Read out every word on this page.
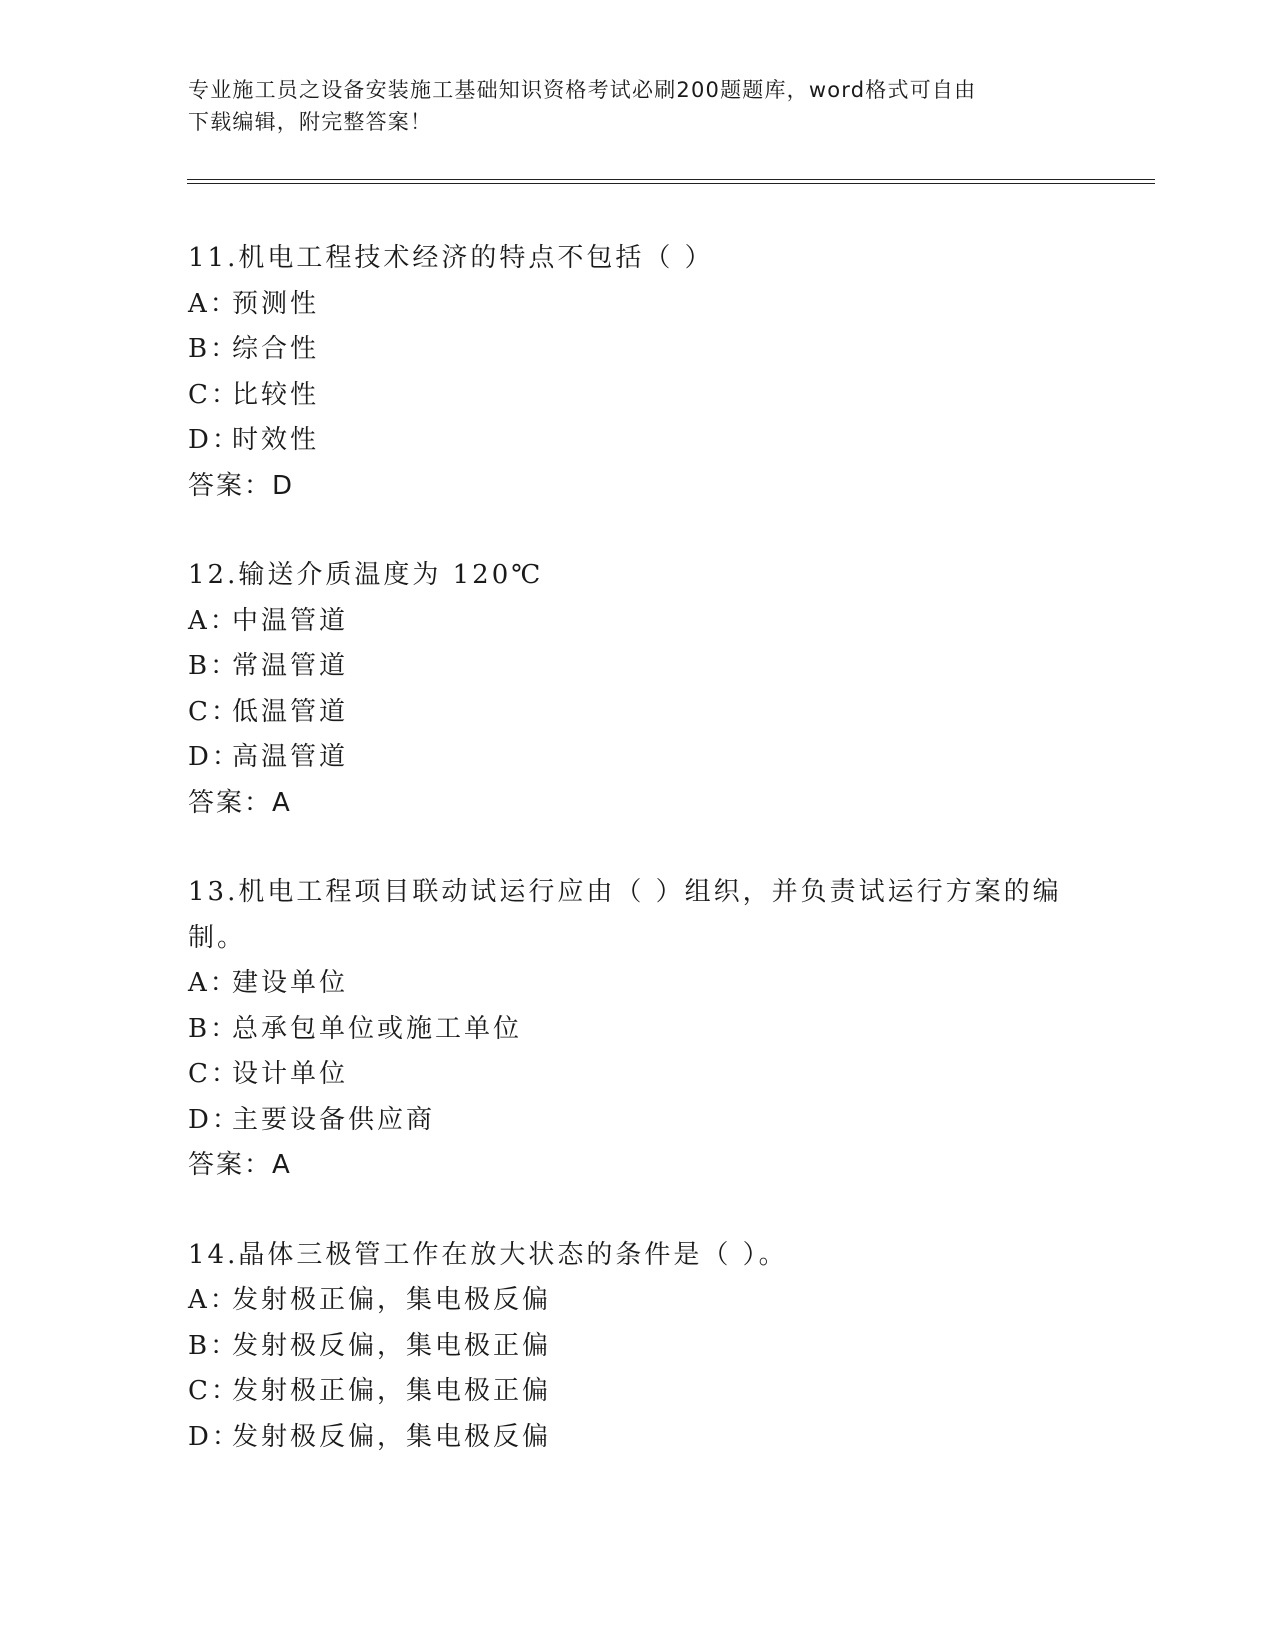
专业施工员之设备安装施工基础知识资格考试必刷200题题库，word格式可自由
下载编辑，附完整答案！

11.机电工程技术经济的特点不包括（ ）

A：预测性

B：综合性

C：比较性

D：时效性

答案：D

12.输送介质温度为 120℃

A：中温管道

B：常温管道

C：低温管道

D：高温管道

答案：A

13.机电工程项目联动试运行应由（ ）组织，并负责试运行方案的编制。

A：建设单位

B：总承包单位或施工单位

C：设计单位

D：主要设备供应商

答案：A

14.晶体三极管工作在放大状态的条件是（ ）。

A：发射极正偏，集电极反偏

B：发射极反偏，集电极正偏

C：发射极正偏，集电极正偏

D：发射极反偏，集电极反偏
